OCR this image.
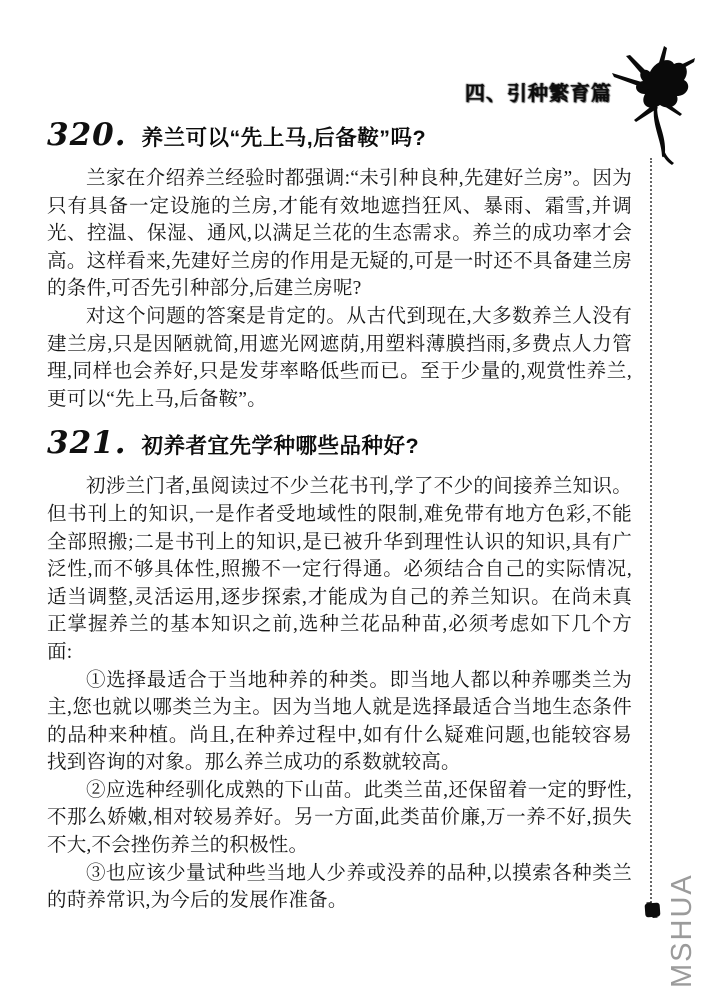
四、引种繁育篇
320. 养兰可以“先上马,后备鞍”吗?

兰家在介绍养兰经验时都强调:“未引种良种,先建好兰房”。因为只有具备一定设施的兰房,才能有效地遮挡狂风、暴雨、霜雪,并调光、控温、保湿、通风,以满足兰花的生态需求。养兰的成功率才会高。这样看来,先建好兰房的作用是无疑的,可是一时还不具备建兰房的条件,可否先引种部分,后建兰房呢?

对这个问题的答案是肯定的。从古代到现在,大多数养兰人没有建兰房,只是因陋就简,用遮光网遮荫,用塑料薄膜挡雨,多费点人力管理,同样也会养好,只是发芽率略低些而已。至于少量的,观赏性养兰,更可以“先上马,后备鞍”。

321. 初养者宜先学种哪些品种好?

初涉兰门者,虽阅读过不少兰花书刊,学了不少的间接养兰知识。但书刊上的知识,一是作者受地域性的限制,难免带有地方色彩,不能全部照搬;二是书刊上的知识,是已被升华到理性认识的知识,具有广泛性,而不够具体性,照搬不一定行得通。必须结合自己的实际情况,适当调整,灵活运用,逐步探索,才能成为自己的养兰知识。在尚未真正掌握养兰的基本知识之前,选种兰花品种苗,必须考虑如下几个方面:

①选择最适合于当地种养的种类。即当地人都以种养哪类兰为主,您也就以哪类兰为主。因为当地人就是选择最适合当地生态条件的品种来种植。尚且,在种养过程中,如有什么疑难问题,也能较容易找到咨询的对象。那么养兰成功的系数就较高。

②应选种经驯化成熟的下山苗。此类兰苗,还保留着一定的野性,不那么娇嫩,相对较易养好。另一方面,此类苗价廉,万一养不好,损失不大,不会挫伤养兰的积极性。

③也应该少量试种些当地人少养或没养的品种,以摸索各种类兰的莳养常识,为今后的发展作准备。	MSHUA
